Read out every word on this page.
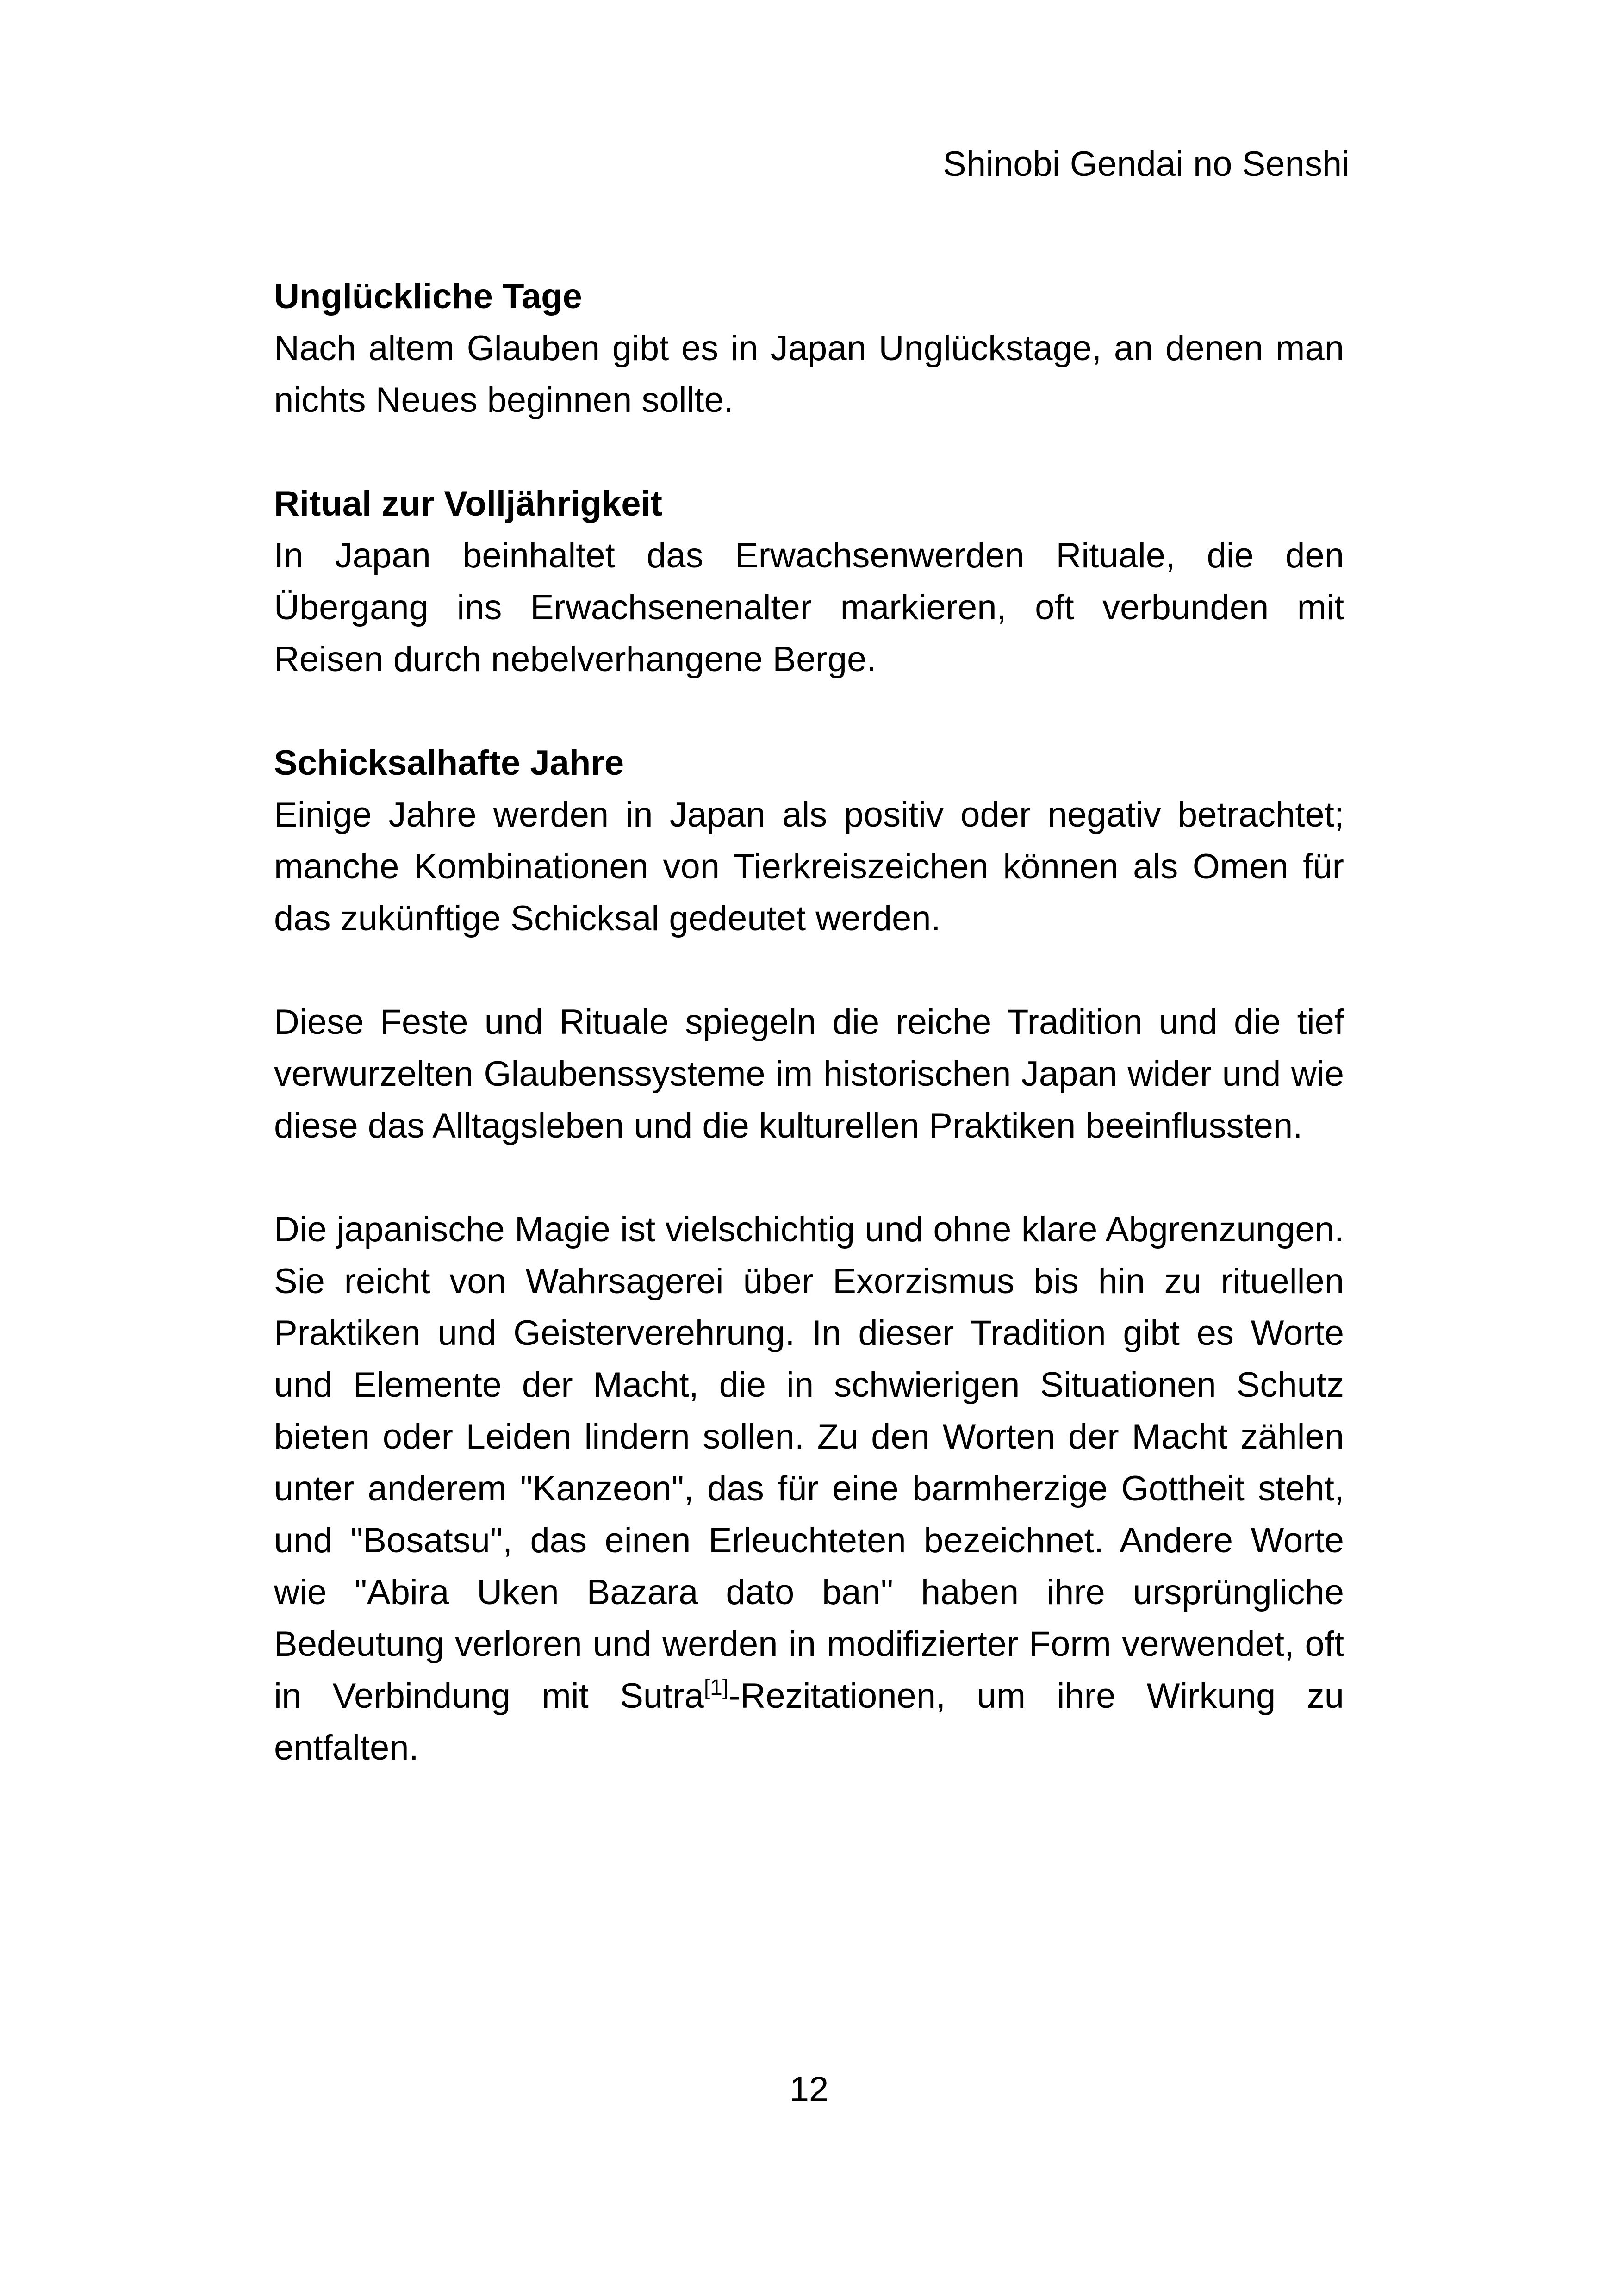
Shinobi Gendai no Senshi

Unglückliche Tage

Nach altem Glauben gibt es in Japan Unglückstage, an denen man nichts Neues beginnen sollte.

Ritual zur Volljährigkeit

In Japan beinhaltet das Erwachsenwerden Rituale, die den Übergang ins Erwachsenenalter markieren, oft verbunden mit Reisen durch nebelverhangene Berge.

Schicksalhafte Jahre

Einige Jahre werden in Japan als positiv oder negativ betrachtet; manche Kombinationen von Tierkreiszeichen können als Omen für das zukünftige Schicksal gedeutet werden.

Diese Feste und Rituale spiegeln die reiche Tradition und die tief verwurzelten Glaubenssysteme im historischen Japan wider und wie diese das Alltagsleben und die kulturellen Praktiken beeinflussten.

Die japanische Magie ist vielschichtig und ohne klare Abgrenzungen. Sie reicht von Wahrsagerei über Exorzismus bis hin zu rituellen Praktiken und Geisterverehrung. In dieser Tradition gibt es Worte und Elemente der Macht, die in schwierigen Situationen Schutz bieten oder Leiden lindern sollen. Zu den Worten der Macht zählen unter anderem "Kanzeon", das für eine barmherzige Gottheit steht, und "Bosatsu", das einen Erleuchteten bezeichnet. Andere Worte wie "Abira Uken Bazara dato ban" haben ihre ursprüngliche Bedeutung verloren und werden in modifizierter Form verwendet, oft in Verbindung mit Sutra[1]-Rezitationen, um ihre Wirkung zu entfalten.

12
